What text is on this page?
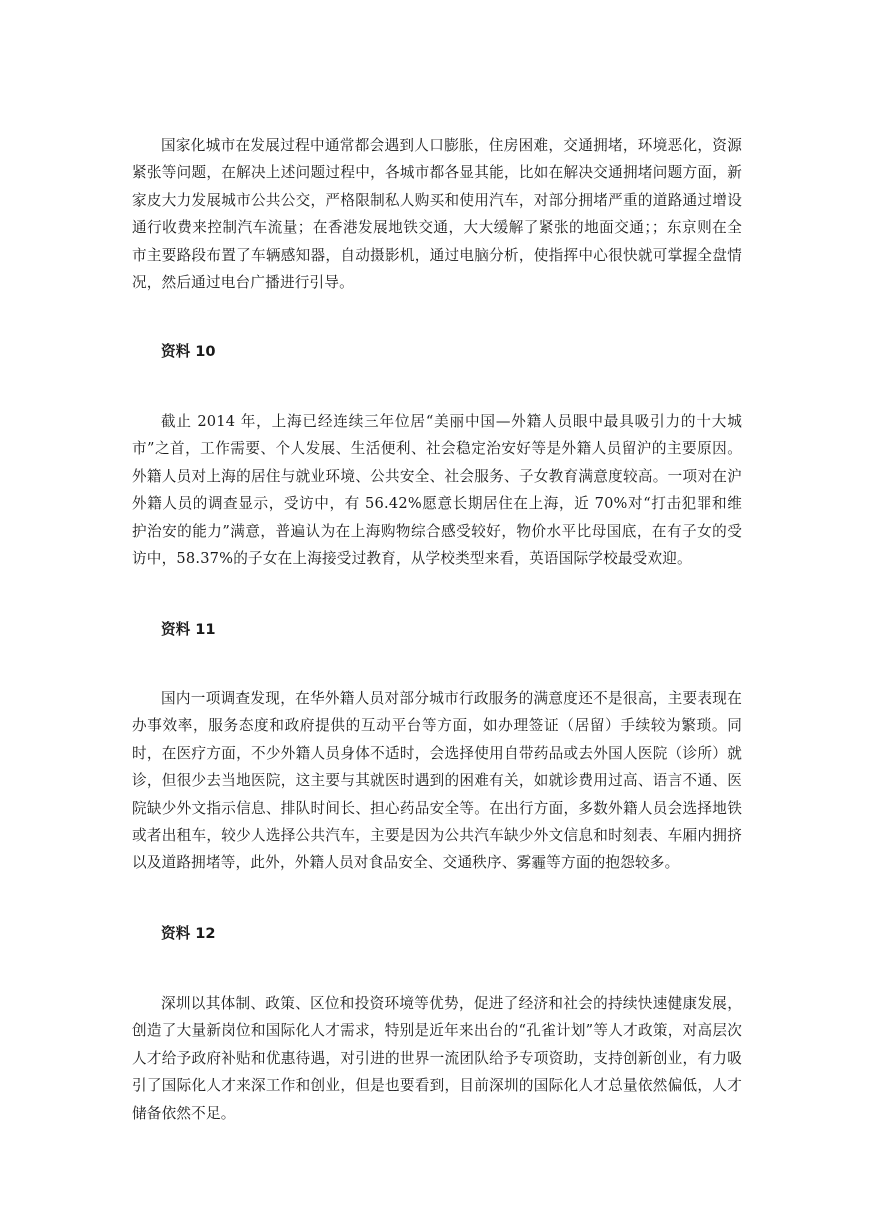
国家化城市在发展过程中通常都会遇到人口膨胀，住房困难，交通拥堵，环境恶化，资源紧张等问题，在解决上述问题过程中，各城市都各显其能，比如在解决交通拥堵问题方面，新家皮大力发展城市公共公交，严格限制私人购买和使用汽车，对部分拥堵严重的道路通过增设通行收费来控制汽车流量；在香港发展地铁交通，大大缓解了紧张的地面交通；；东京则在全市主要路段布置了车辆感知器，自动摄影机，通过电脑分析，使指挥中心很快就可掌握全盘情况，然后通过电台广播进行引导。

资料 10

截止 2014 年，上海已经连续三年位居“美丽中国—外籍人员眼中最具吸引力的十大城市”之首，工作需要、个人发展、生活便利、社会稳定治安好等是外籍人员留沪的主要原因。外籍人员对上海的居住与就业环境、公共安全、社会服务、子女教育满意度较高。一项对在沪外籍人员的调查显示，受访中，有 56.42%愿意长期居住在上海，近 70%对“打击犯罪和维护治安的能力”满意，普遍认为在上海购物综合感受较好，物价水平比母国底，在有子女的受访中，58.37%的子女在上海接受过教育，从学校类型来看，英语国际学校最受欢迎。

资料 11

国内一项调查发现，在华外籍人员对部分城市行政服务的满意度还不是很高，主要表现在办事效率，服务态度和政府提供的互动平台等方面，如办理签证（居留）手续较为繁琐。同时，在医疗方面，不少外籍人员身体不适时，会选择使用自带药品或去外国人医院（诊所）就诊，但很少去当地医院，这主要与其就医时遇到的困难有关，如就诊费用过高、语言不通、医院缺少外文指示信息、排队时间长、担心药品安全等。在出行方面，多数外籍人员会选择地铁或者出租车，较少人选择公共汽车，主要是因为公共汽车缺少外文信息和时刻表、车厢内拥挤以及道路拥堵等，此外，外籍人员对食品安全、交通秩序、雾霾等方面的抱怨较多。

资料 12

深圳以其体制、政策、区位和投资环境等优势，促进了经济和社会的持续快速健康发展，创造了大量新岗位和国际化人才需求，特别是近年来出台的“孔雀计划”等人才政策，对高层次人才给予政府补贴和优惠待遇，对引进的世界一流团队给予专项资助，支持创新创业，有力吸引了国际化人才来深工作和创业，但是也要看到，目前深圳的国际化人才总量依然偏低，人才储备依然不足。
